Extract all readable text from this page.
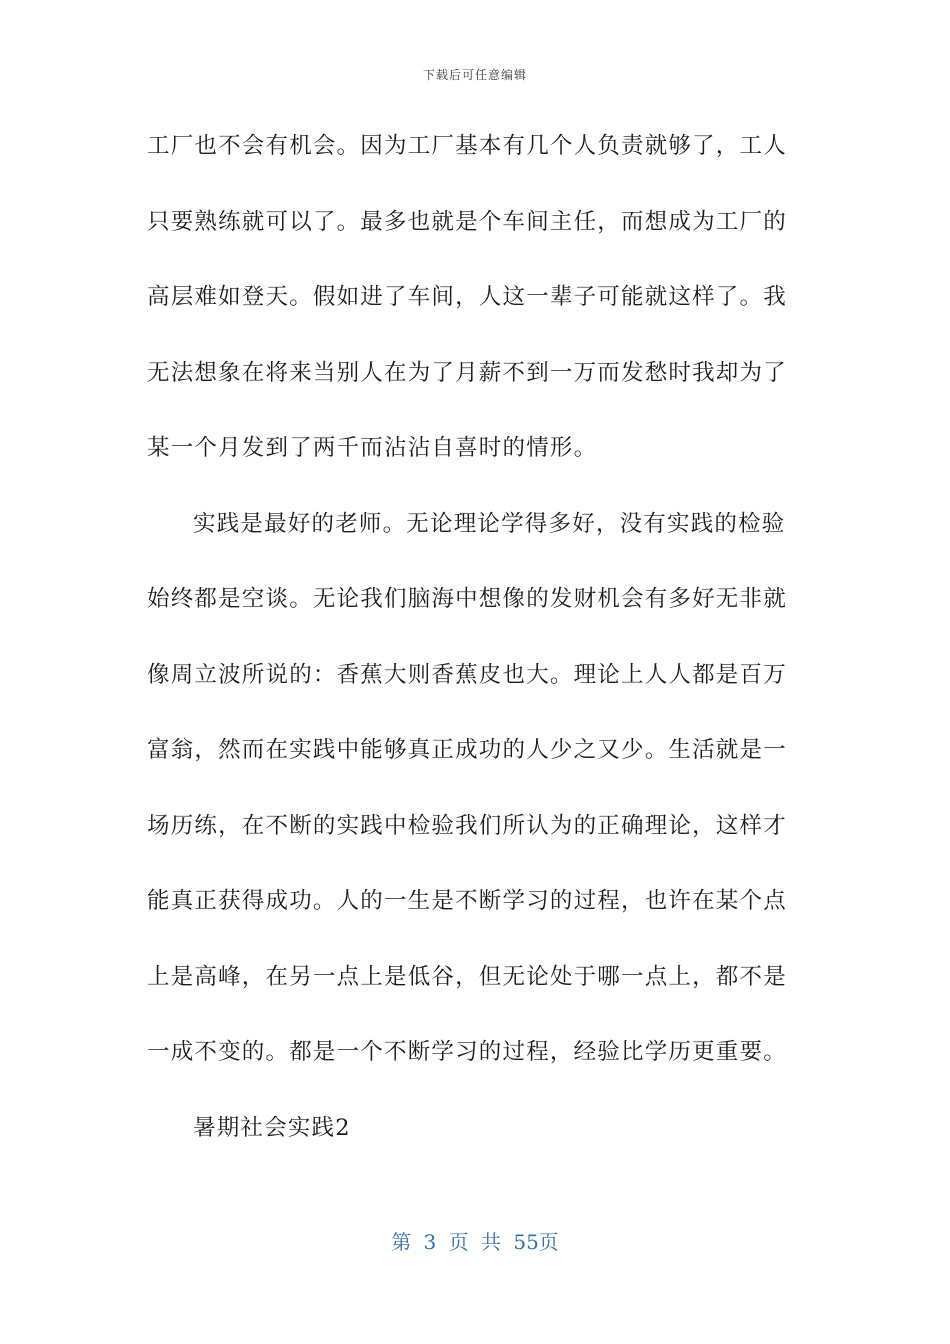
下载后可任意编辑
工厂也不会有机会。因为工厂基本有几个人负责就够了，工人
只要熟练就可以了。最多也就是个车间主任，而想成为工厂的
高层难如登天。假如进了车间，人这一辈子可能就这样了。我
无法想象在将来当别人在为了月薪不到一万而发愁时我却为了
某一个月发到了两千而沾沾自喜时的情形。
实践是最好的老师。无论理论学得多好，没有实践的检验
始终都是空谈。无论我们脑海中想像的发财机会有多好无非就
像周立波所说的：香蕉大则香蕉皮也大。理论上人人都是百万
富翁，然而在实践中能够真正成功的人少之又少。生活就是一
场历练，在不断的实践中检验我们所认为的正确理论，这样才
能真正获得成功。人的一生是不断学习的过程，也许在某个点
上是高峰，在另一点上是低谷，但无论处于哪一点上，都不是
一成不变的。都是一个不断学习的过程，经验比学历更重要。
暑期社会实践2
第 3 页 共 55页
